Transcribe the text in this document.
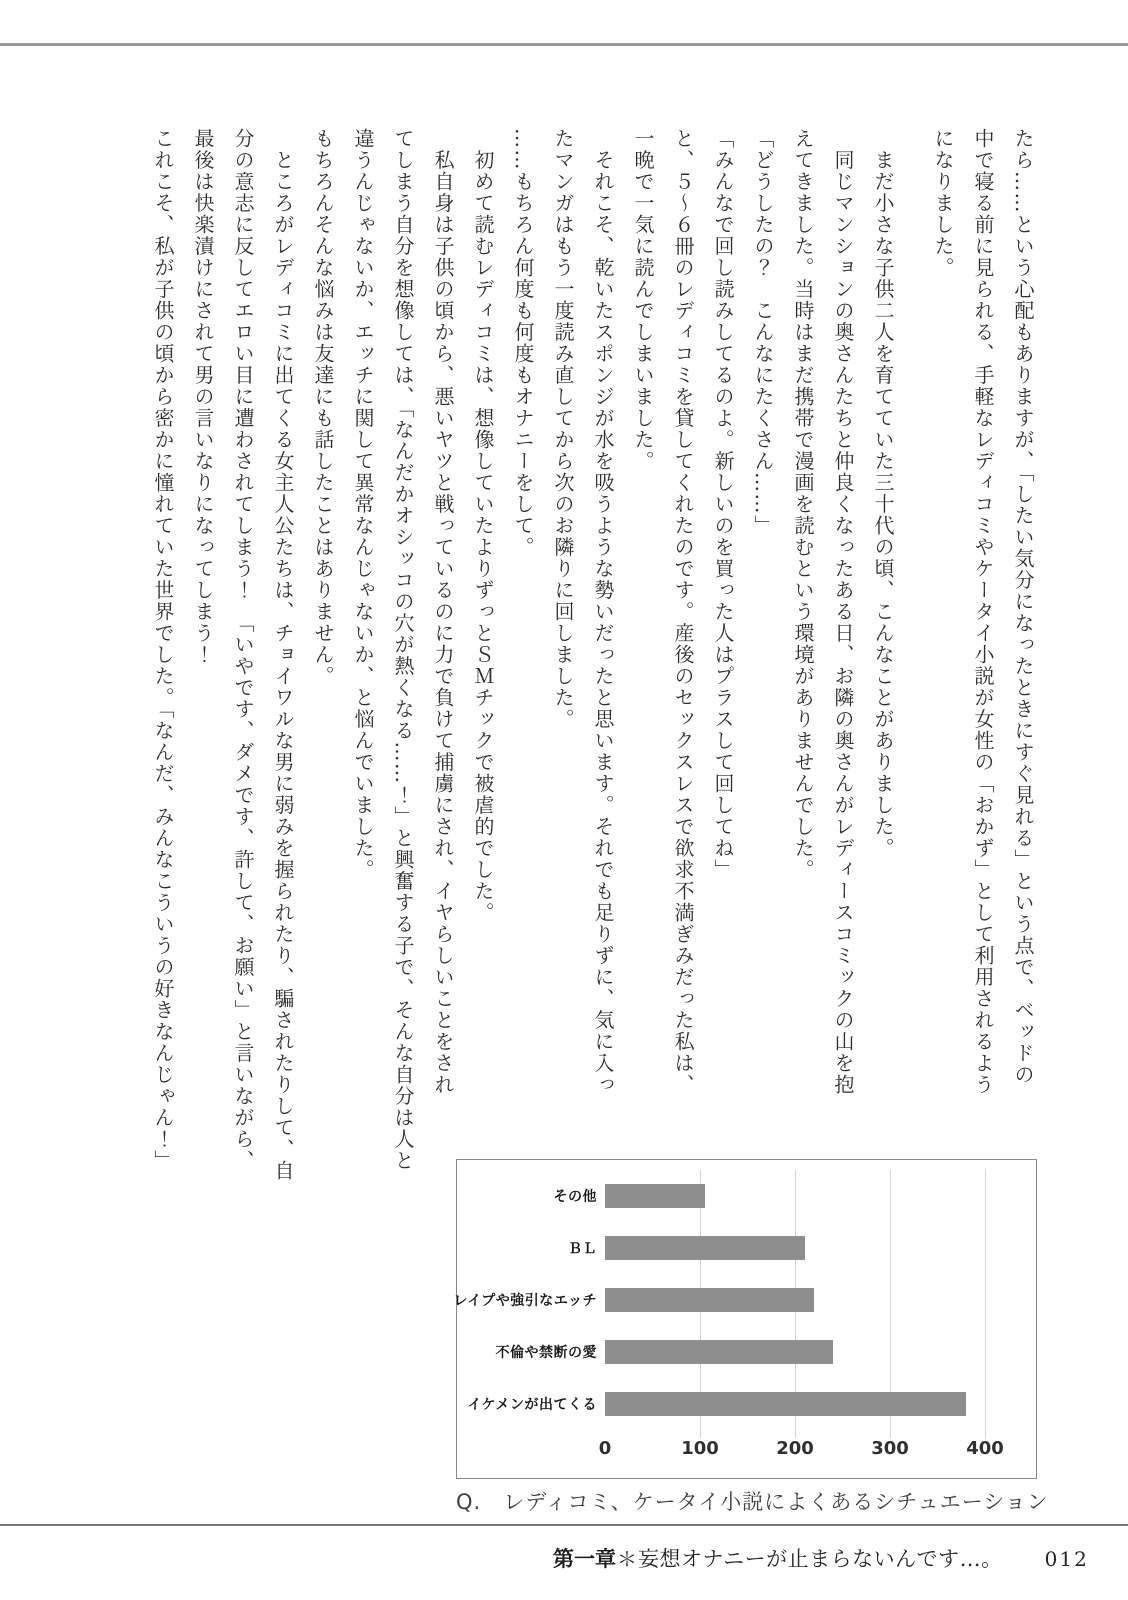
たら……という心配もありますが、「したい気分になったときにすぐ見れる」という点で、ベッドの
中で寝る前に見られる、手軽なレディコミやケータイ小説が女性の「おかず」として利用されるよう
になりました。
　まだ小さな子供二人を育てていた三十代の頃、こんなことがありました。
　同じマンションの奥さんたちと仲良くなったある日、お隣の奥さんがレディースコミックの山を抱
えてきました。当時はまだ携帯で漫画を読むという環境がありませんでした。
「どうしたの？　こんなにたくさん……」
「みんなで回し読みしてるのよ。新しいのを買った人はプラスして回してね」
と、５〜６冊のレディコミを貸してくれたのです。産後のセックスレスで欲求不満ぎみだった私は、
一晩で一気に読んでしまいました。
　それこそ、乾いたスポンジが水を吸うような勢いだったと思います。それでも足りずに、気に入っ
たマンガはもう一度読み直してから次のお隣りに回しました。
……もちろん何度も何度もオナニーをして。
　初めて読むレディコミは、想像していたよりずっとＳＭチックで被虐的でした。
　私自身は子供の頃から、悪いヤツと戦っているのに力で負けて捕虜にされ、イヤらしいことをされ
てしまう自分を想像しては、「なんだかオシッコの穴が熱くなる……！」と興奮する子で、そんな自分は人と
違うんじゃないか、エッチに関して異常なんじゃないか、と悩んでいました。
もちろんそんな悩みは友達にも話したことはありません。
　ところがレディコミに出てくる女主人公たちは、チョイワルな男に弱みを握られたり、騙されたりして、自
分の意志に反してエロい目に遭わされてしまう！　「いやです、ダメです、許して、お願い」と言いながら、
最後は快楽漬けにされて男の言いなりになってしまう！
これこそ、私が子供の頃から密かに憧れていた世界でした。「なんだ、みんなこういうの好きなんじゃん！」
その他
ＢＬ
レイプや強引なエッチ
不倫や禁断の愛
イケメンが出てくる
0	100	200	300	400
Q.　レディコミ、ケータイ小説によくあるシチュエーション
第一章 ＊ 妄想オナニーが止まらないんです…。 012
